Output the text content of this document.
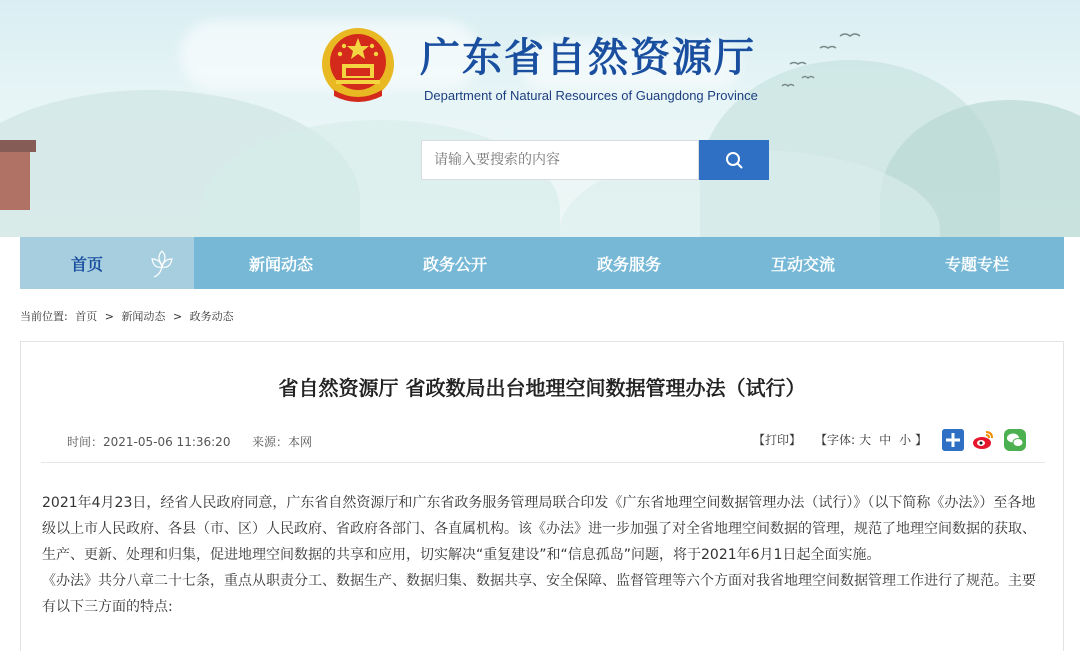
广东省自然资源厅
Department of Natural Resources of Guangdong Province
请输入要搜索的内容
首页	新闻动态	政务公开	政务服务	互动交流	专题专栏
当前位置: 首页 > 新闻动态 > 政务动态
省自然资源厅 省政数局出台地理空间数据管理办法（试行）
时间：2021-05-06 11:36:20 来源：本网	【打印】 【字体: 大 中 小 】

2021年4月23日，经省人民政府同意，广东省自然资源厅和广东省政务服务管理局联合印发《广东省地理空间数据管理办法（试行）》（以下简称《办法》）至各地级以上市人民政府、各县（市、区）人民政府、省政府各部门、各直属机构。该《办法》进一步加强了对全省地理空间数据的管理，规范了地理空间数据的获取、生产、更新、处理和归集，促进地理空间数据的共享和应用，切实解决“重复建设”和“信息孤岛”问题，将于2021年6月1日起全面实施。

《办法》共分八章二十七条，重点从职责分工、数据生产、数据归集、数据共享、安全保障、监督管理等六个方面对我省地理空间数据管理工作进行了规范。主要有以下三方面的特点:
